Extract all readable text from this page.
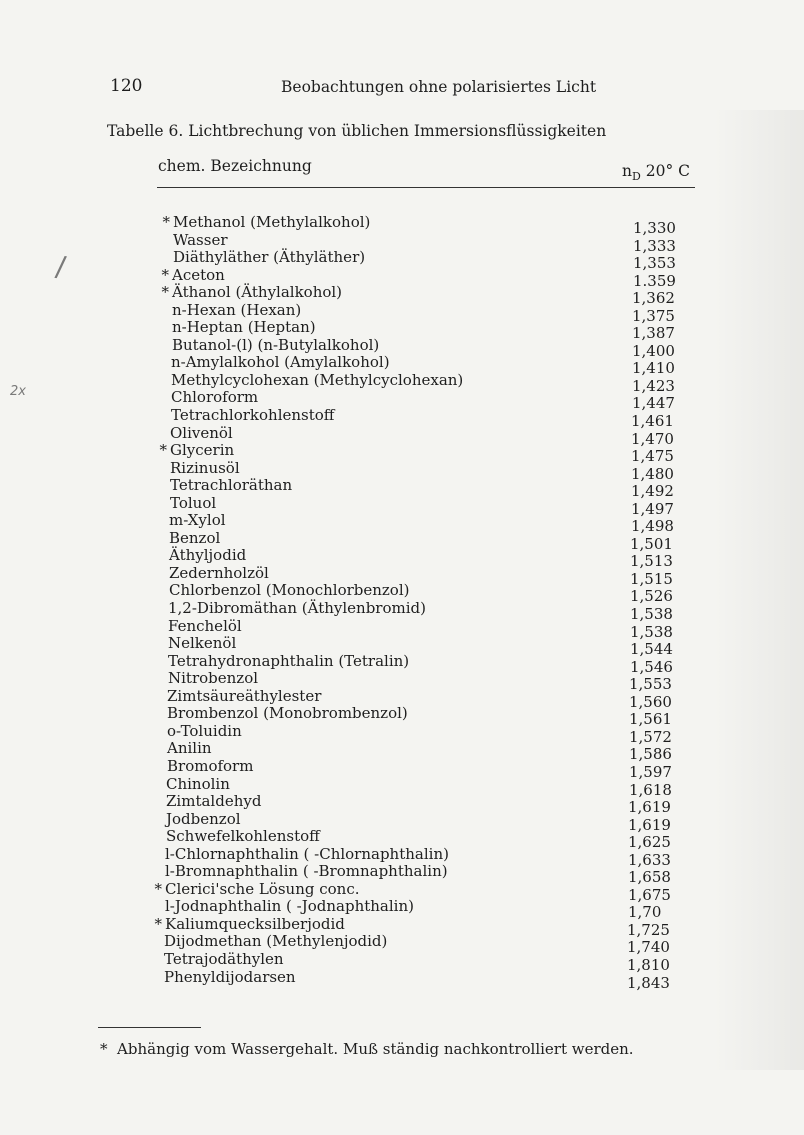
120	Beobachtungen ohne polarisiertes Licht
Tabelle 6. Lichtbrechung von üblichen Immersionsflüssigkeiten
chem. Bezeichnung	$n_D$ 20° C
* Methanol (Methylalkohol)	1,330
Wasser	1,333
Diäthyläther (Äthyläther)	1,353
* Aceton	1.359
* Äthanol (Äthylalkohol)	1,362
n-Hexan (Hexan)	1,375
n-Heptan (Heptan)	1,387
Butanol-(l) (n-Butylalkohol)	1,400
n-Amylalkohol (Amylalkohol)	1,410
Methylcyclohexan (Methylcyclohexan)	1,423
Chloroform	1,447
Tetrachlorkohlenstoff	1,461
Olivenöl	1,470
* Glycerin	1,475
Rizinusöl	1,480
Tetrachloräthan	1,492
Toluol	1,497
m-Xylol	1,498
Benzol	1,501
Äthyljodid	1,513
Zedernholzöl	1,515
Chlorbenzol (Monochlorbenzol)	1,526
1,2-Dibromäthan (Äthylenbromid)	1,538
Fenchelöl	1,538
Nelkenöl	1,544
Tetrahydronaphthalin (Tetralin)	1,546
Nitrobenzol	1,553
Zimtsäureäthylester	1,560
Brombenzol (Monobrombenzol)	1,561
o-Toluidin	1,572
Anilin	1,586
Bromoform	1,597
Chinolin	1,618
Zimtaldehyd	1,619
Jodbenzol	1,619
Schwefelkohlenstoff	1,625
l-Chlornaphthalin ( -Chlornaphthalin)	1,633
l-Bromnaphthalin ( -Bromnaphthalin)	1,658
* Clerici'sche Lösung conc.	1,675
l-Jodnaphthalin ( -Jodnaphthalin)	1,70
* Kaliumquecksilberjodid	1,725
Dijodmethan (Methylenjodid)	1,740
Tetrajodäthylen	1,810
Phenyldijodarsen	1,843
* Abhängig vom Wassergehalt. Muß ständig nachkontrolliert werden.
/
2x
